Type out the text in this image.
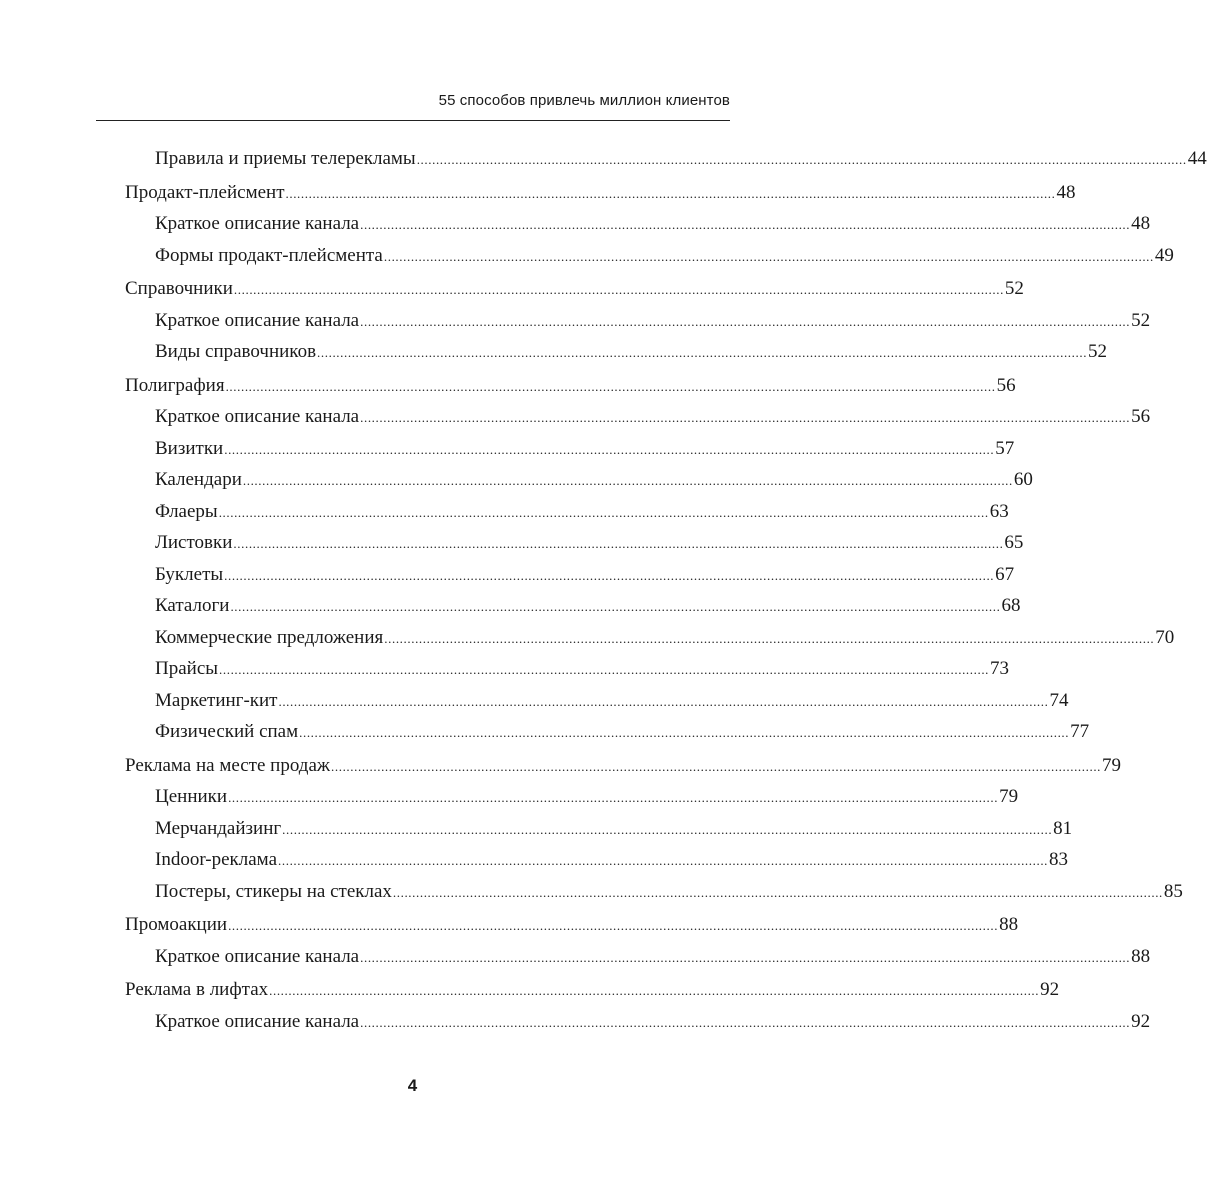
55 способов привлечь миллион клиентов
Правила и приемы телерекламы ........................................................................................................................................................................................................ 44
Продакт-плейсмент ........................................................................................................................................................................................................ 48
Краткое описание канала ........................................................................................................................................................................................................ 48
Формы продакт-плейсмента ........................................................................................................................................................................................................ 49
Справочники ........................................................................................................................................................................................................ 52
Краткое описание канала ........................................................................................................................................................................................................ 52
Виды справочников ........................................................................................................................................................................................................ 52
Полиграфия ........................................................................................................................................................................................................ 56
Краткое описание канала ........................................................................................................................................................................................................ 56
Визитки ........................................................................................................................................................................................................ 57
Календари ........................................................................................................................................................................................................ 60
Флаеры ........................................................................................................................................................................................................ 63
Листовки ........................................................................................................................................................................................................ 65
Буклеты ........................................................................................................................................................................................................ 67
Каталоги ........................................................................................................................................................................................................ 68
Коммерческие предложения ........................................................................................................................................................................................................ 70
Прайсы ........................................................................................................................................................................................................ 73
Маркетинг-кит ........................................................................................................................................................................................................ 74
Физический спам ........................................................................................................................................................................................................ 77
Реклама на месте продаж ........................................................................................................................................................................................................ 79
Ценники ........................................................................................................................................................................................................ 79
Мерчандайзинг ........................................................................................................................................................................................................ 81
Indoor-реклама ........................................................................................................................................................................................................ 83
Постеры, стикеры на стеклах ........................................................................................................................................................................................................ 85
Промоакции ........................................................................................................................................................................................................ 88
Краткое описание канала ........................................................................................................................................................................................................ 88
Реклама в лифтах ........................................................................................................................................................................................................ 92
Краткое описание канала ........................................................................................................................................................................................................ 92
4
